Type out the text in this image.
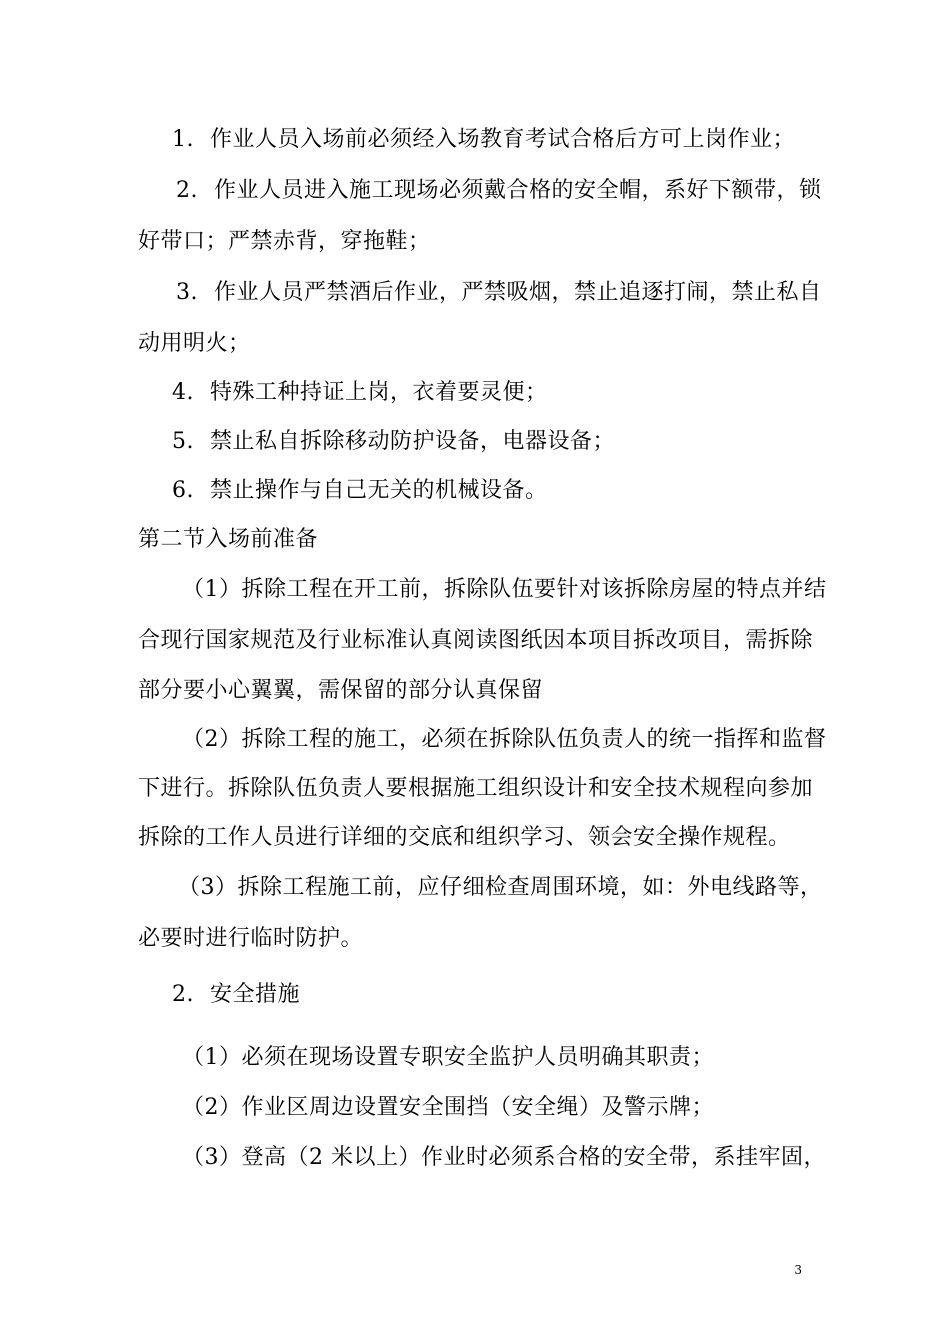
1. 作业人员入场前必须经入场教育考试合格后方可上岗作业；
2. 作业人员进入施工现场必须戴合格的安全帽，系好下额带，锁
好带口；严禁赤背，穿拖鞋；
3. 作业人员严禁酒后作业，严禁吸烟，禁止追逐打闹，禁止私自
动用明火；
4. 特殊工种持证上岗，衣着要灵便；
5. 禁止私自拆除移动防护设备，电器设备；
6. 禁止操作与自己无关的机械设备。
第二节入场前准备
（1）拆除工程在开工前，拆除队伍要针对该拆除房屋的特点并结
合现行国家规范及行业标准认真阅读图纸因本项目拆改项目，需拆除
部分要小心翼翼，需保留的部分认真保留
（2）拆除工程的施工，必须在拆除队伍负责人的统一指挥和监督
下进行。拆除队伍负责人要根据施工组织设计和安全技术规程向参加
拆除的工作人员进行详细的交底和组织学习、领会安全操作规程。
（3）拆除工程施工前，应仔细检查周围环境，如：外电线路等，
必要时进行临时防护。
2. 安全措施
（1）必须在现场设置专职安全监护人员明确其职责；
（2）作业区周边设置安全围挡（安全绳）及警示牌；
（3）登高（2 米以上）作业时必须系合格的安全带，系挂牢固，
3
